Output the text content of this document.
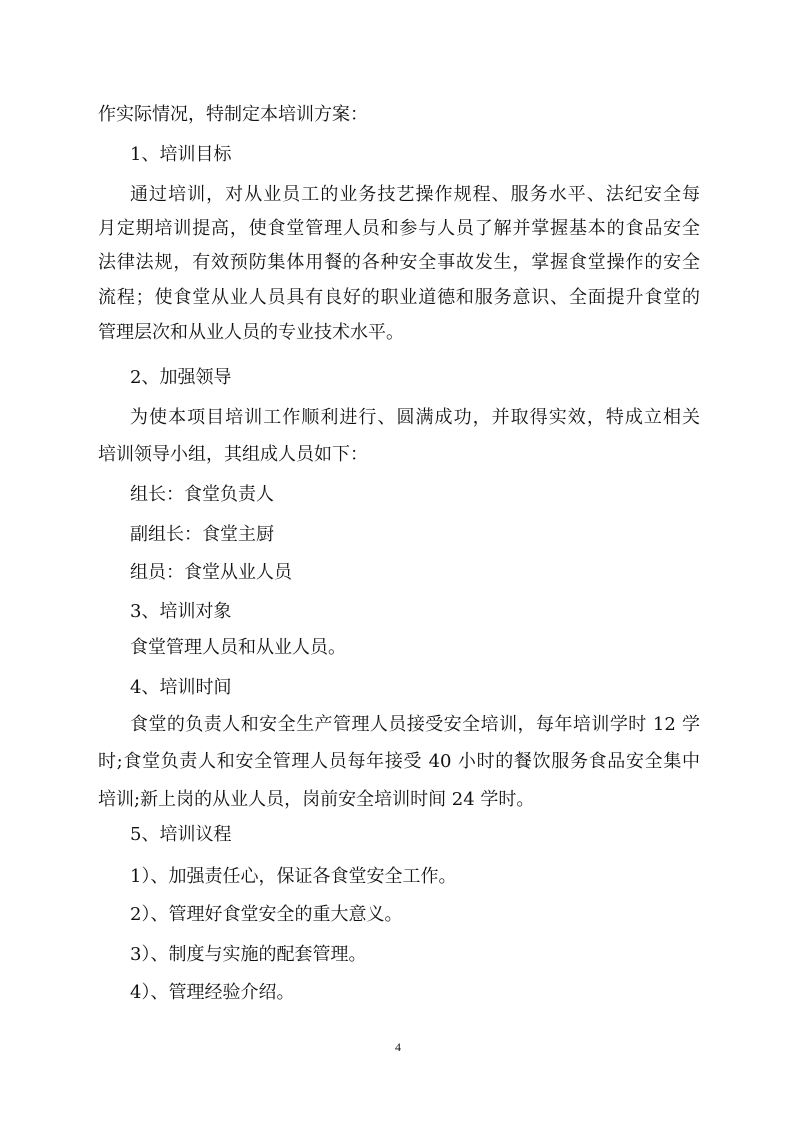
作实际情况，特制定本培训方案：
1、培训目标
通过培训，对从业员工的业务技艺操作规程、服务水平、法纪安全每
月定期培训提高，使食堂管理人员和参与人员了解并掌握基本的食品安全
法律法规，有效预防集体用餐的各种安全事故发生，掌握食堂操作的安全
流程；使食堂从业人员具有良好的职业道德和服务意识、全面提升食堂的
管理层次和从业人员的专业技术水平。
2、加强领导
为使本项目培训工作顺利进行、圆满成功，并取得实效，特成立相关
培训领导小组，其组成人员如下：
组长：食堂负责人
副组长：食堂主厨
组员：食堂从业人员
3、培训对象
食堂管理人员和从业人员。
4、培训时间
食堂的负责人和安全生产管理人员接受安全培训，每年培训学时 12 学
时;食堂负责人和安全管理人员每年接受 40 小时的餐饮服务食品安全集中
培训;新上岗的从业人员，岗前安全培训时间 24 学时。
5、培训议程
1）、加强责任心，保证各食堂安全工作。
2）、管理好食堂安全的重大意义。
3）、制度与实施的配套管理。
4）、管理经验介绍。
4
